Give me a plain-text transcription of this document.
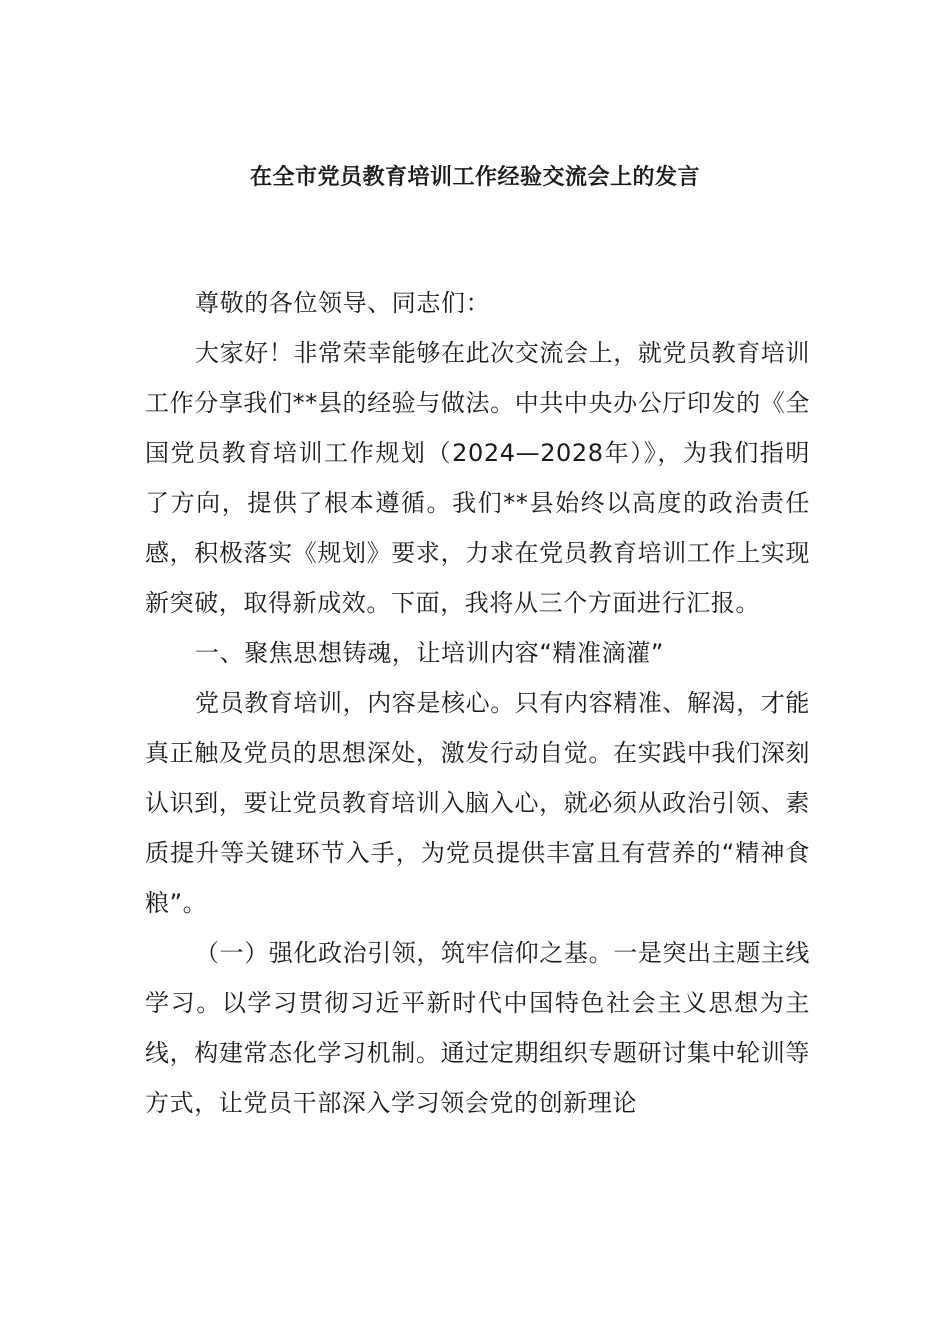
在全市党员教育培训工作经验交流会上的发言

尊敬的各位领导、同志们：

大家好！非常荣幸能够在此次交流会上，就党员教育培训工作分享我们**县的经验与做法。中共中央办公厅印发的《全国党员教育培训工作规划（2024—2028年）》，为我们指明了方向，提供了根本遵循。我们**县始终以高度的政治责任感，积极落实《规划》要求，力求在党员教育培训工作上实现新突破，取得新成效。下面，我将从三个方面进行汇报。

一、聚焦思想铸魂，让培训内容“精准滴灌”

党员教育培训，内容是核心。只有内容精准、解渴，才能真正触及党员的思想深处，激发行动自觉。在实践中我们深刻认识到，要让党员教育培训入脑入心，就必须从政治引领、素质提升等关键环节入手，为党员提供丰富且有营养的“精神食粮”。

（一）强化政治引领，筑牢信仰之基。一是突出主题主线学习。以学习贯彻习近平新时代中国特色社会主义思想为主线，构建常态化学习机制。通过定期组织专题研讨集中轮训等方式，让党员干部深入学习领会党的创新理论
